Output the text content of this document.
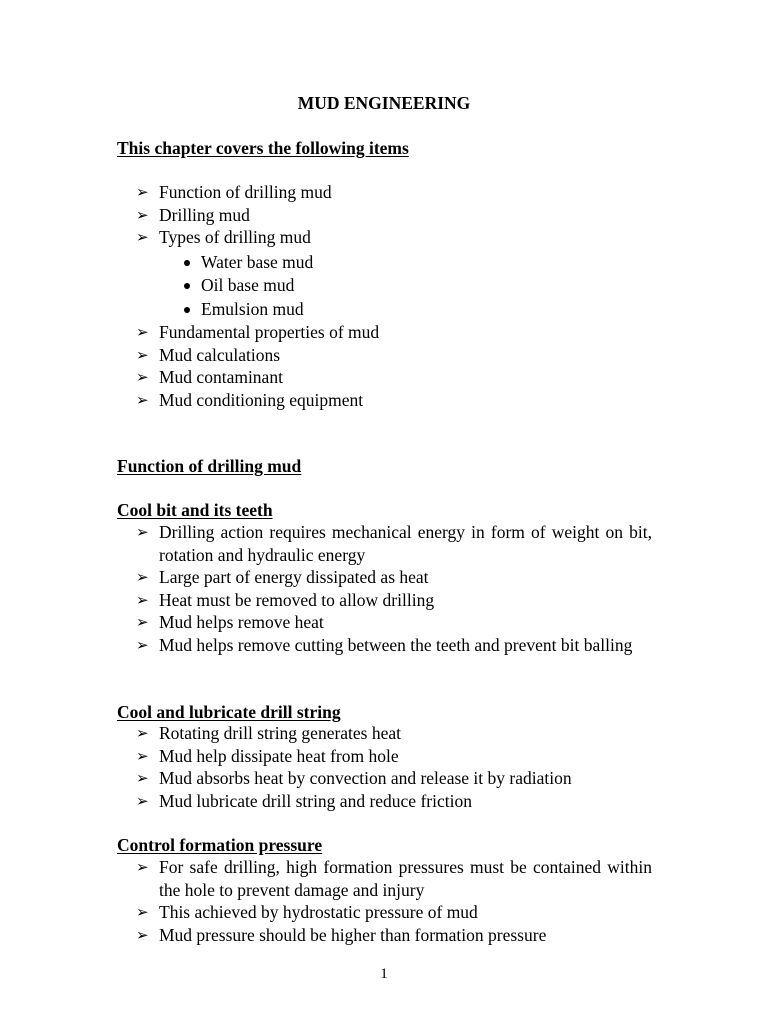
MUD ENGINEERING
This chapter covers the following items
➢ Function of drilling mud
➢ Drilling mud
➢ Types of drilling mud
Water base mud
Oil base mud
Emulsion mud
➢ Fundamental properties of mud
➢ Mud calculations
➢ Mud contaminant
➢ Mud conditioning equipment
Function of drilling mud
Cool bit and its teeth
➢ Drilling action requires mechanical energy in form of weight on bit, rotation and hydraulic energy
➢ Large part of energy dissipated as heat
➢ Heat must be removed to allow drilling
➢ Mud helps remove heat
➢ Mud helps remove cutting between the teeth and prevent bit balling
Cool and lubricate drill string
➢ Rotating drill string generates heat
➢ Mud help dissipate heat from hole
➢ Mud absorbs heat by convection and release it by radiation
➢ Mud lubricate drill string and reduce friction
Control formation pressure
➢ For safe drilling, high formation pressures must be contained within the hole to prevent damage and injury
➢ This achieved by hydrostatic pressure of mud
➢ Mud pressure should be higher than formation pressure
1
